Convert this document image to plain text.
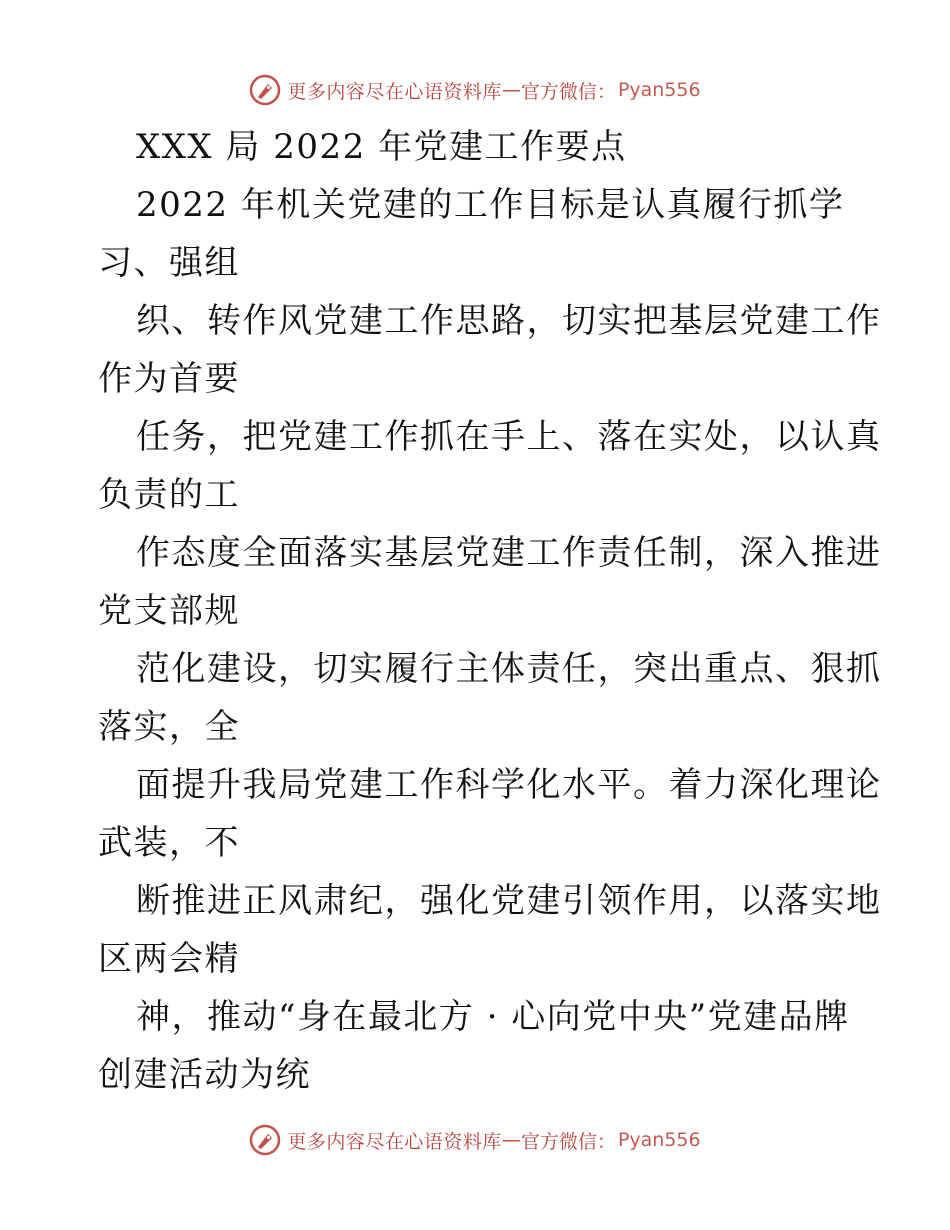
更多内容尽在心语资料库 — 官方微信： Pyan556
XXX 局 2022 年党建工作要点
2022 年机关党建的工作目标是认真履行抓学
习、强组
织、转作风党建工作思路，切实把基层党建工作
作为首要
任务，把党建工作抓在手上、落在实处，以认真
负责的工
作态度全面落实基层党建工作责任制，深入推进
党支部规
范化建设，切实履行主体责任，突出重点、狠抓
落实，全
面提升我局党建工作科学化水平。着力深化理论
武装，不
断推进正风肃纪，强化党建引领作用，以落实地
区两会精
神，推动“身在最北方 · 心向党中央”党建品牌
创建活动为统
更多内容尽在心语资料库 — 官方微信： Pyan556
